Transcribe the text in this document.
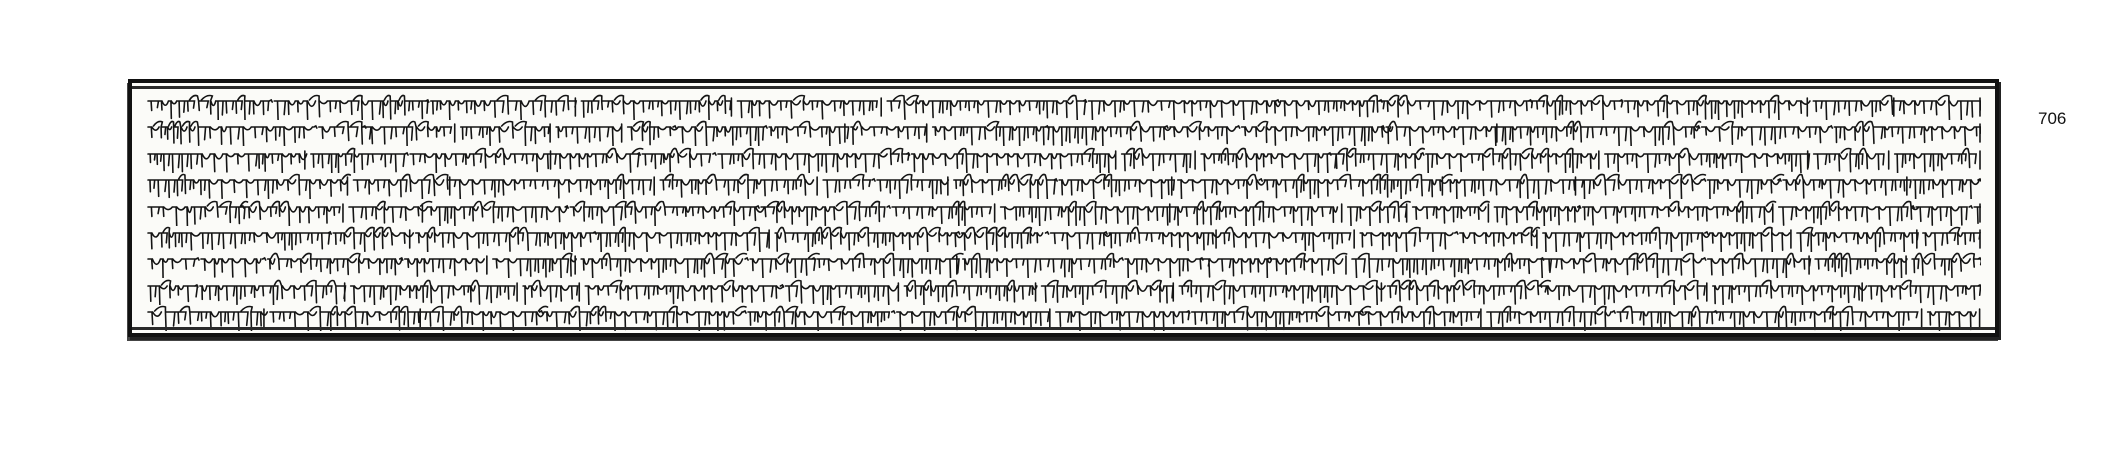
706
